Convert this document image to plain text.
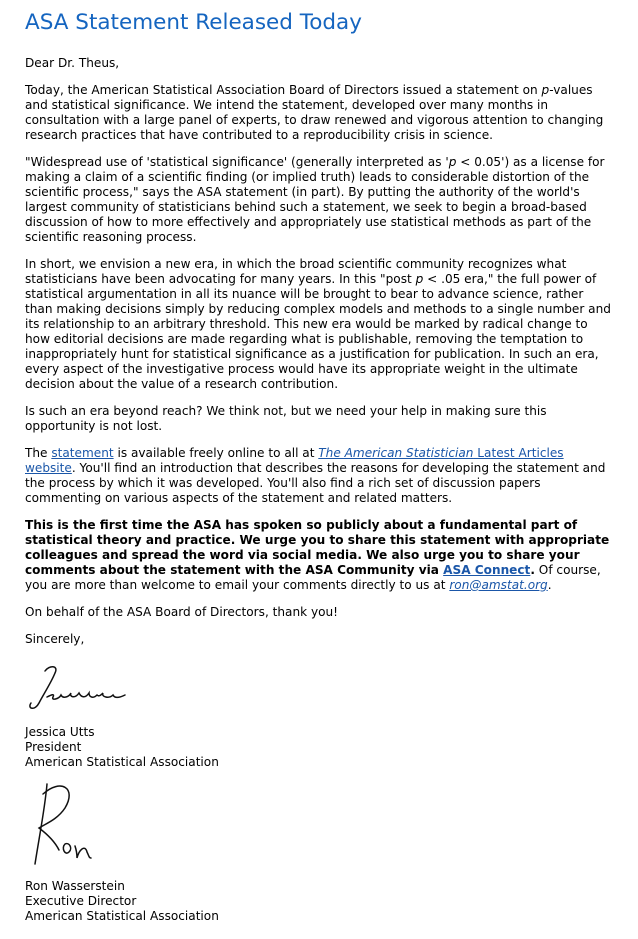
ASA Statement Released Today

Dear Dr. Theus,

Today, the American Statistical Association Board of Directors issued a statement on p-values and statistical significance. We intend the statement, developed over many months in consultation with a large panel of experts, to draw renewed and vigorous attention to changing research practices that have contributed to a reproducibility crisis in science.

"Widespread use of 'statistical significance' (generally interpreted as 'p < 0.05') as a license for making a claim of a scientific finding (or implied truth) leads to considerable distortion of the scientific process," says the ASA statement (in part). By putting the authority of the world's largest community of statisticians behind such a statement, we seek to begin a broad-based discussion of how to more effectively and appropriately use statistical methods as part of the scientific reasoning process.

In short, we envision a new era, in which the broad scientific community recognizes what statisticians have been advocating for many years. In this "post p < .05 era," the full power of statistical argumentation in all its nuance will be brought to bear to advance science, rather than making decisions simply by reducing complex models and methods to a single number and its relationship to an arbitrary threshold. This new era would be marked by radical change to how editorial decisions are made regarding what is publishable, removing the temptation to inappropriately hunt for statistical significance as a justification for publication. In such an era, every aspect of the investigative process would have its appropriate weight in the ultimate decision about the value of a research contribution.

Is such an era beyond reach? We think not, but we need your help in making sure this opportunity is not lost.

The statement is available freely online to all at The American Statistician Latest Articles website. You'll find an introduction that describes the reasons for developing the statement and the process by which it was developed. You'll also find a rich set of discussion papers commenting on various aspects of the statement and related matters.

This is the first time the ASA has spoken so publicly about a fundamental part of statistical theory and practice. We urge you to share this statement with appropriate colleagues and spread the word via social media. We also urge you to share your comments about the statement with the ASA Community via ASA Connect. Of course, you are more than welcome to email your comments directly to us at ron@amstat.org.

On behalf of the ASA Board of Directors, thank you!

Sincerely,

Jessica Utts

President

American Statistical Association

Ron Wasserstein

Executive Director

American Statistical Association
